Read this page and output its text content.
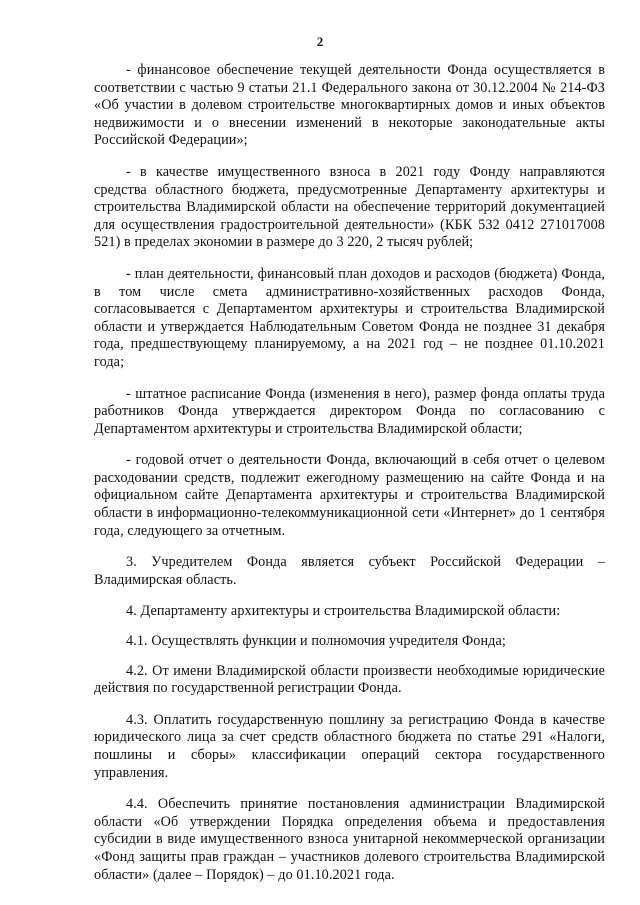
2

- финансовое обеспечение текущей деятельности Фонда осуществляется в соответствии с частью 9 статьи 21.1 Федерального закона от 30.12.2004 № 214-ФЗ «Об участии в долевом строительстве многоквартирных домов и иных объектов недвижимости и о внесении изменений в некоторые законодательные акты Российской Федерации»;

- в качестве имущественного взноса в 2021 году Фонду направляются средства областного бюджета, предусмотренные Департаменту архитектуры и строительства Владимирской области на обеспечение территорий документацией для осуществления градостроительной деятельности» (КБК 532 0412 271017008 521) в пределах экономии в размере до 3 220, 2 тысяч рублей;

- план деятельности, финансовый план доходов и расходов (бюджета) Фонда, в том числе смета административно-хозяйственных расходов Фонда, согласовывается с Департаментом архитектуры и строительства Владимирской области и утверждается Наблюдательным Советом Фонда не позднее 31 декабря года, предшествующему планируемому, а на 2021 год – не позднее 01.10.2021 года;

- штатное расписание Фонда (изменения в него), размер фонда оплаты труда работников Фонда утверждается директором Фонда по согласованию с Департаментом архитектуры и строительства Владимирской области;

- годовой отчет о деятельности Фонда, включающий в себя отчет о целевом расходовании средств, подлежит ежегодному размещению на сайте Фонда и на официальном сайте Департамента архитектуры и строительства Владимирской области в информационно-телекоммуникационной сети «Интернет» до 1 сентября года, следующего за отчетным.

3. Учредителем Фонда является субъект Российской Федерации – Владимирская область.

4. Департаменту архитектуры и строительства Владимирской области:

4.1. Осуществлять функции и полномочия учредителя Фонда;

4.2. От имени Владимирской области произвести необходимые юридические действия по государственной регистрации Фонда.

4.3. Оплатить государственную пошлину за регистрацию Фонда в качестве юридического лица за счет средств областного бюджета по статье 291 «Налоги, пошлины и сборы» классификации операций сектора государственного управления.

4.4. Обеспечить принятие постановления администрации Владимирской области «Об утверждении Порядка определения объема и предоставления субсидии в виде имущественного взноса унитарной некоммерческой организации «Фонд защиты прав граждан – участников долевого строительства Владимирской области» (далее – Порядок) – до 01.10.2021 года.
